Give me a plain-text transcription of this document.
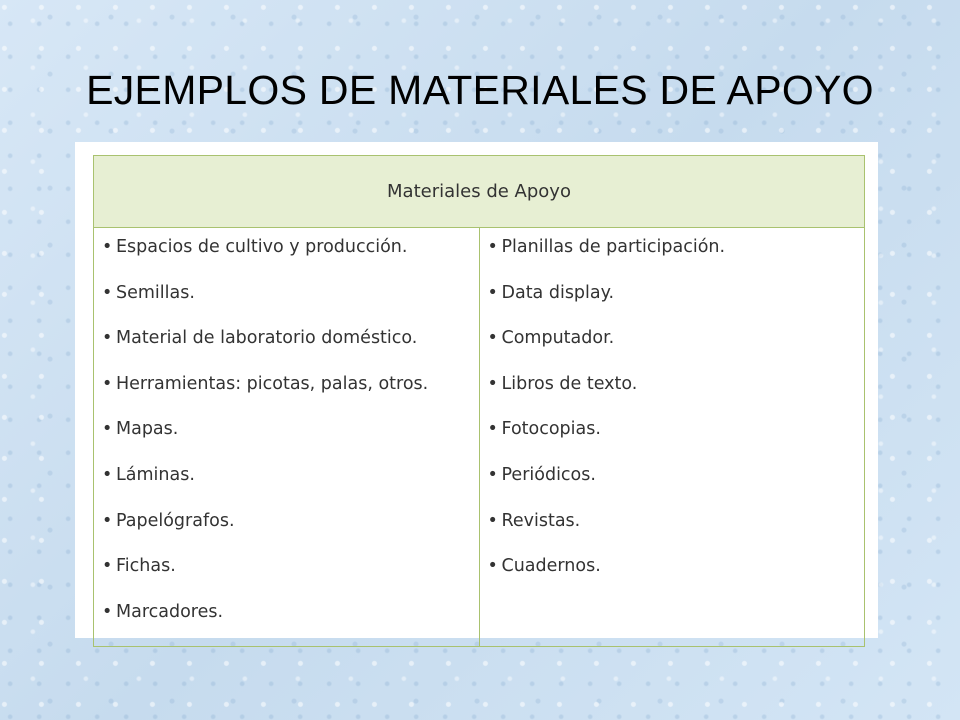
EJEMPLOS DE MATERIALES DE APOYO
Materiales de Apoyo

• Espacios de cultivo y producción.
• Semillas.
• Material de laboratorio doméstico.
• Herramientas: picotas, palas, otros.
• Mapas.
• Láminas.
• Papelógrafos.
• Fichas.
• Marcadores.

• Planillas de participación.
• Data display.
• Computador.
• Libros de texto.
• Fotocopias.
• Periódicos.
• Revistas.
• Cuadernos.
